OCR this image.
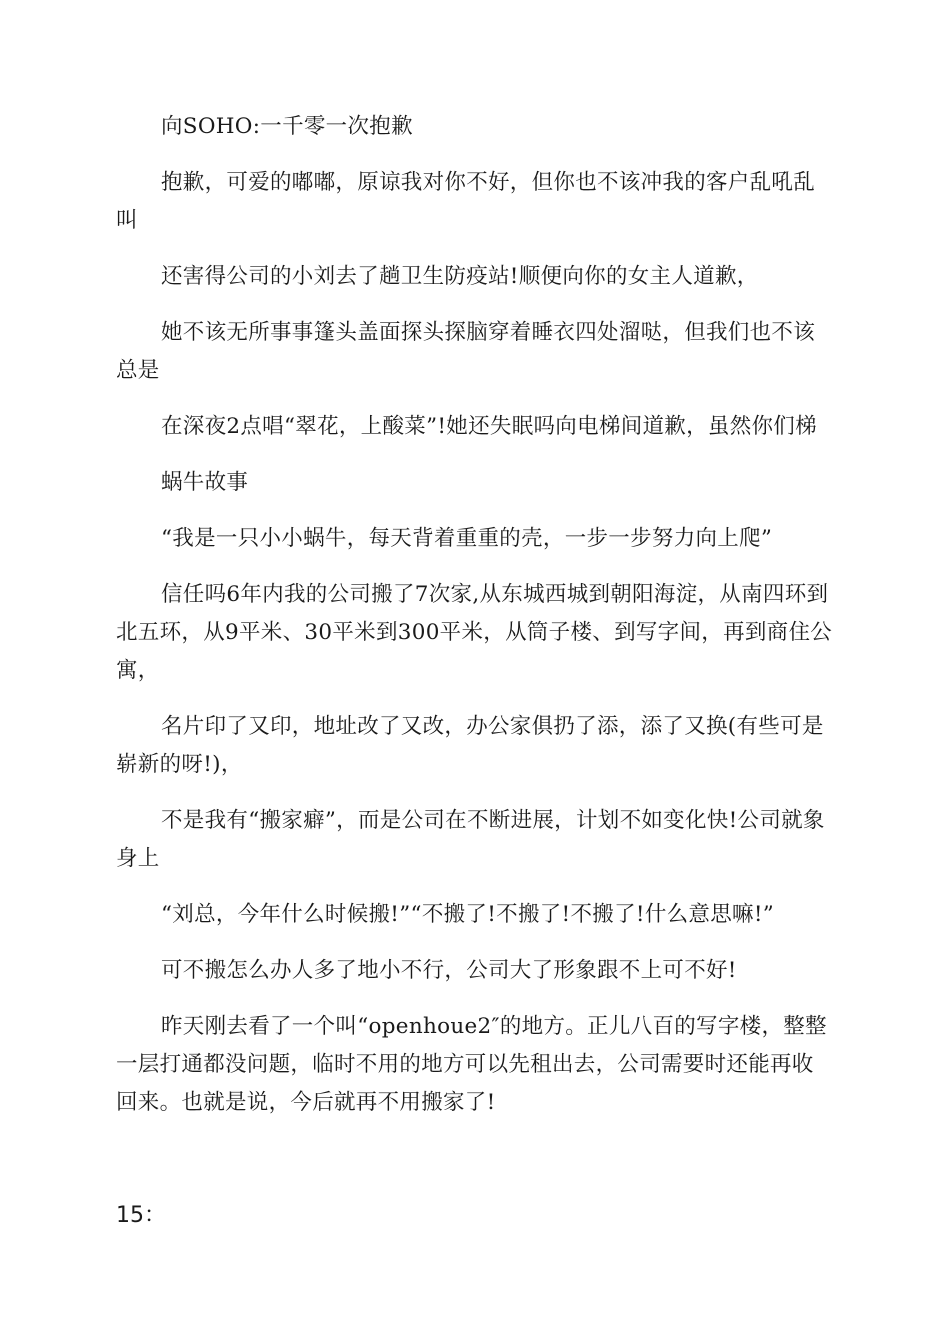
向SOHO:一千零一次抱歉

抱歉，可爱的嘟嘟，原谅我对你不好，但你也不该冲我的客户乱吼乱叫

还害得公司的小刘去了趟卫生防疫站!顺便向你的女主人道歉，

她不该无所事事篷头盖面探头探脑穿着睡衣四处溜哒，但我们也不该总是

在深夜2点唱“翠花，上酸菜”!她还失眠吗向电梯间道歉，虽然你们梯

蜗牛故事

“我是一只小小蜗牛，每天背着重重的壳，一步一步努力向上爬”

信任吗6年内我的公司搬了7次家,从东城西城到朝阳海淀，从南四环到北五环，从9平米、30平米到300平米，从筒子楼、到写字间，再到商住公寓，

名片印了又印，地址改了又改，办公家俱扔了添，添了又换(有些可是崭新的呀!)，

不是我有“搬家癖”，而是公司在不断进展，计划不如变化快!公司就象身上

“刘总，今年什么时候搬!”“不搬了!不搬了!不搬了!什么意思嘛!”

可不搬怎么办人多了地小不行，公司大了形象跟不上可不好!

昨天刚去看了一个叫“openhoue2″的地方。正儿八百的写字楼，整整一层打通都没问题，临时不用的地方可以先租出去，公司需要时还能再收回来。也就是说，今后就再不用搬家了!

15：
